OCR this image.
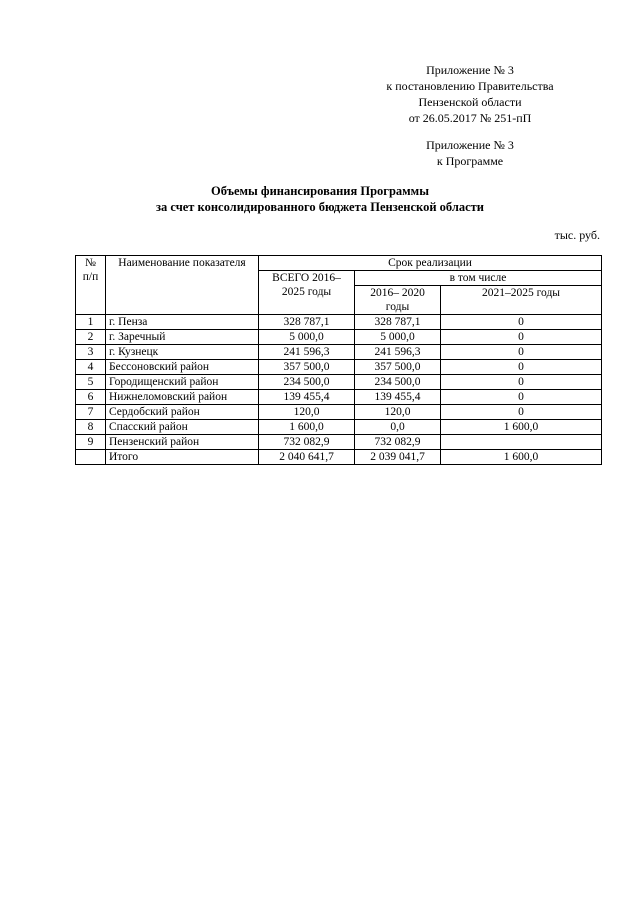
Приложение № 3
к постановлению Правительства
Пензенской области
от 26.05.2017 № 251-пП
Приложение № 3
к Программе
Объемы финансирования Программы
за счет консолидированного бюджета Пензенской области
тыс. руб.
№ п/п	Наименование показателя	Срок реализации		
		ВСЕГО 2016– 2025 годы	в том числе	
			2016– 2020 годы	2021–2025 годы
1	г. Пенза	328 787,1	328 787,1	0
2	г. Заречный	5 000,0	5 000,0	0
3	г. Кузнецк	241 596,3	241 596,3	0
4	Бессоновский район	357 500,0	357 500,0	0
5	Городищенский район	234 500,0	234 500,0	0
6	Нижнеломовский район	139 455,4	139 455,4	0
7	Сердобский район	120,0	120,0	0
8	Спасский район	1 600,0	0,0	1 600,0
9	Пензенский район	732 082,9	732 082,9	
	Итого	2 040 641,7	2 039 041,7	1 600,0
